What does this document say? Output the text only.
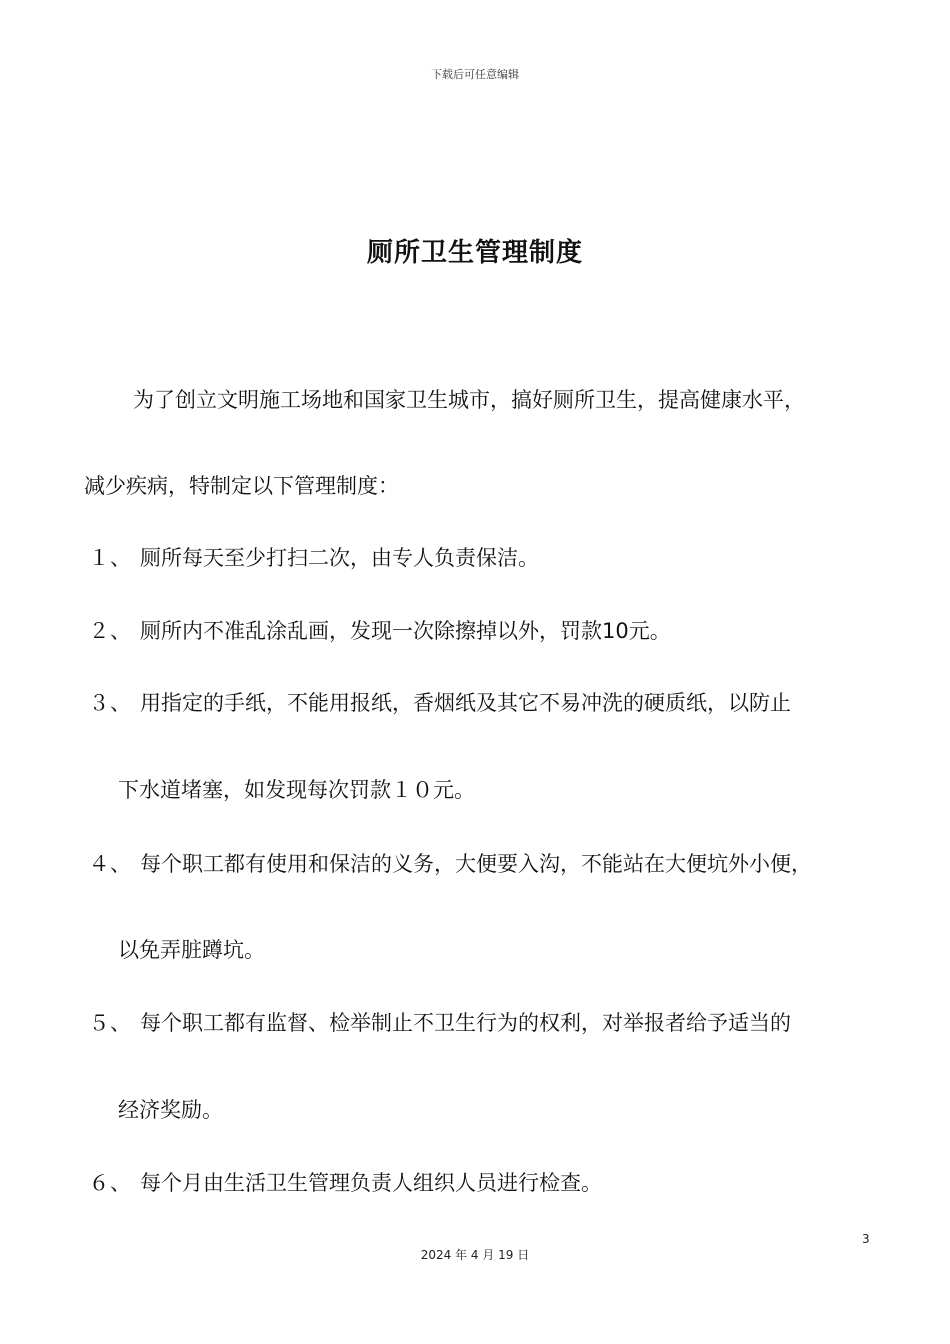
下载后可任意编辑
厕所卫生管理制度
为了创立文明施工场地和国家卫生城市，搞好厕所卫生，提高健康水平，
减少疾病，特制定以下管理制度：
１、 厕所每天至少打扫二次，由专人负责保洁。
２、 厕所内不准乱涂乱画，发现一次除擦掉以外，罚款10元。
３、 用指定的手纸，不能用报纸，香烟纸及其它不易冲洗的硬质纸，以防止
下水道堵塞，如发现每次罚款１０元。
４、 每个职工都有使用和保洁的义务，大便要入沟，不能站在大便坑外小便，
以免弄脏蹲坑。
５、 每个职工都有监督、检举制止不卫生行为的权利，对举报者给予适当的
经济奖励。
６、 每个月由生活卫生管理负责人组织人员进行检查。
3
2024 年 4 月 19 日
